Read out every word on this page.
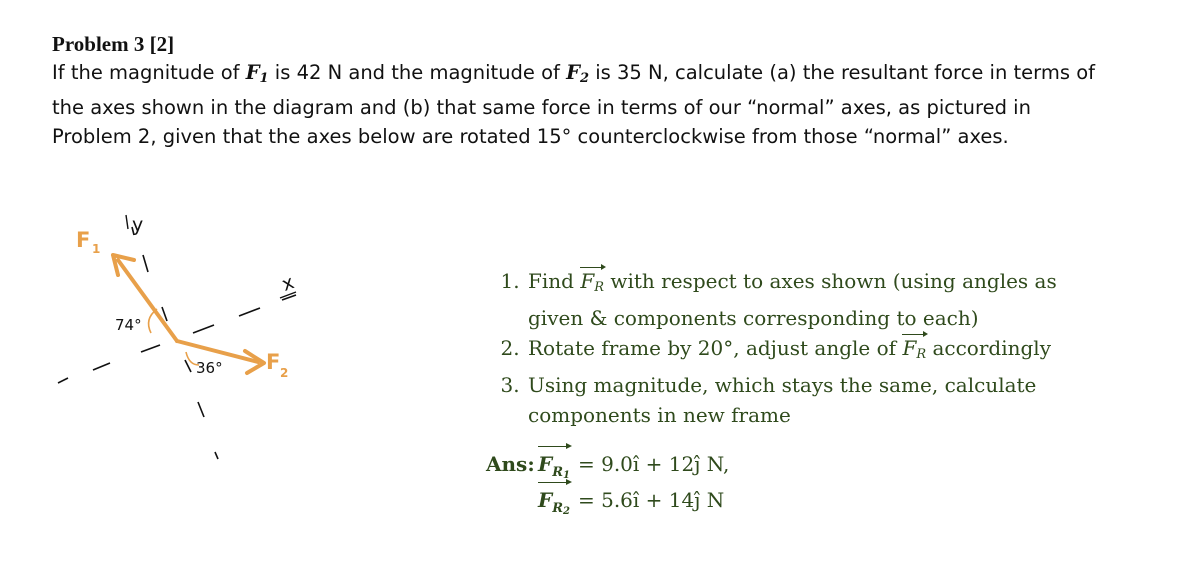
Problem 3 [2]

If the magnitude of $F_1$ is 42 N and the magnitude of $F_2$ is 35 N, calculate (a) the resultant force in terms of the axes shown in the diagram and (b) that same force in terms of our “normal” axes, as pictured in Problem 2, given that the axes below are rotated 15° counterclockwise from those “normal” axes.

y
x
F 1
F 2
74°
36°
1. Find FR with respect to axes shown (using angles as given & components corresponding to each)
2. Rotate frame by 20°, adjust angle of FR accordingly
3. Using magnitude, which stays the same, calculate components in new frame
Ans: $F_{R1}$ = 9.0î + 12ĵ N,
$F_{R2}$ = 5.6î + 14ĵ N
